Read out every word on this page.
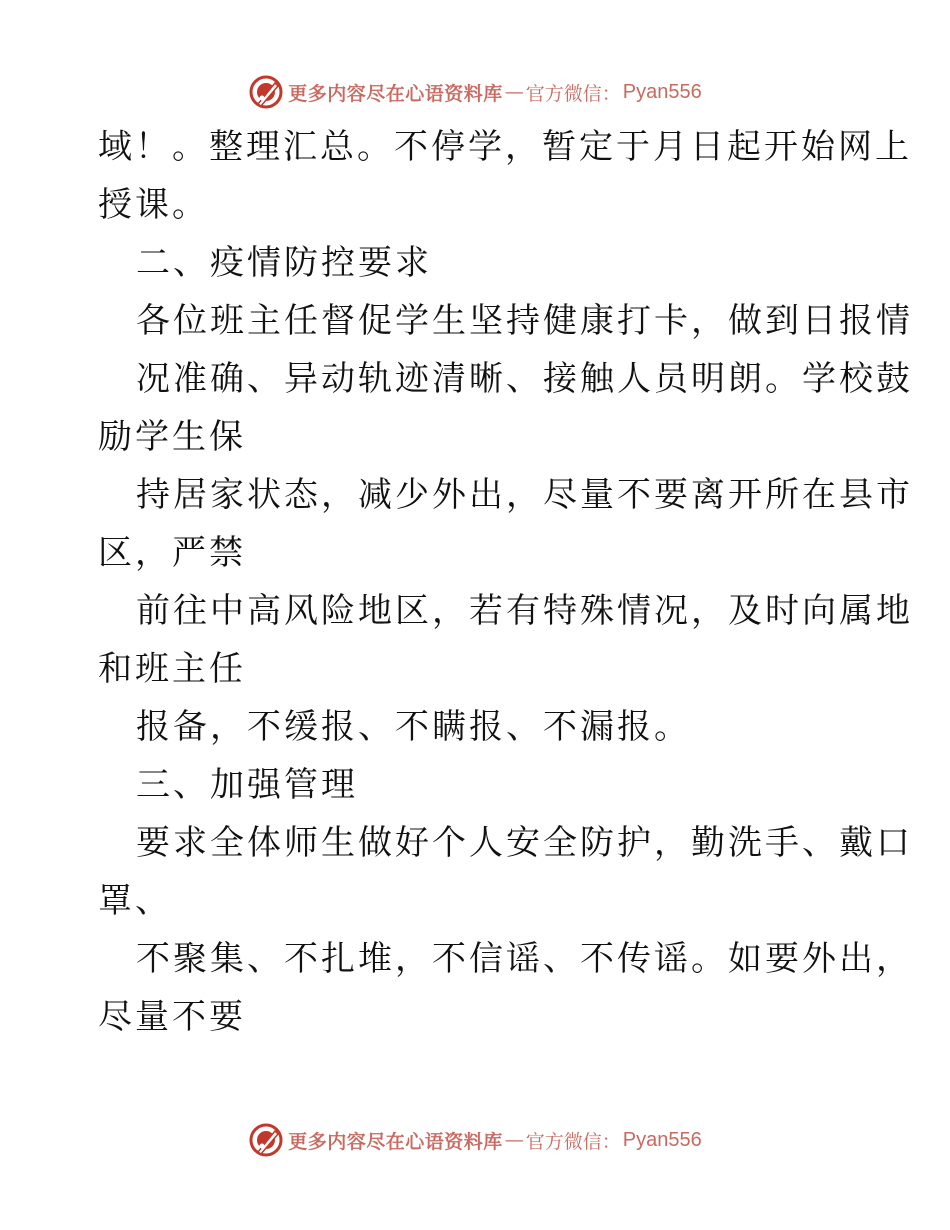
更多内容尽在心语资料库 — 官方微信： Pyan556
域！。整理汇总。不停学，暂定于月日起开始网上
授课。
二、疫情防控要求
各位班主任督促学生坚持健康打卡，做到日报情
况准确、异动轨迹清晰、接触人员明朗。学校鼓
励学生保
持居家状态，减少外出，尽量不要离开所在县市
区，严禁
前往中高风险地区，若有特殊情况，及时向属地
和班主任
报备，不缓报、不瞒报、不漏报。
三、加强管理
要求全体师生做好个人安全防护，勤洗手、戴口
罩、
不聚集、不扎堆，不信谣、不传谣。如要外出，
尽量不要
更多内容尽在心语资料库 — 官方微信： Pyan556
